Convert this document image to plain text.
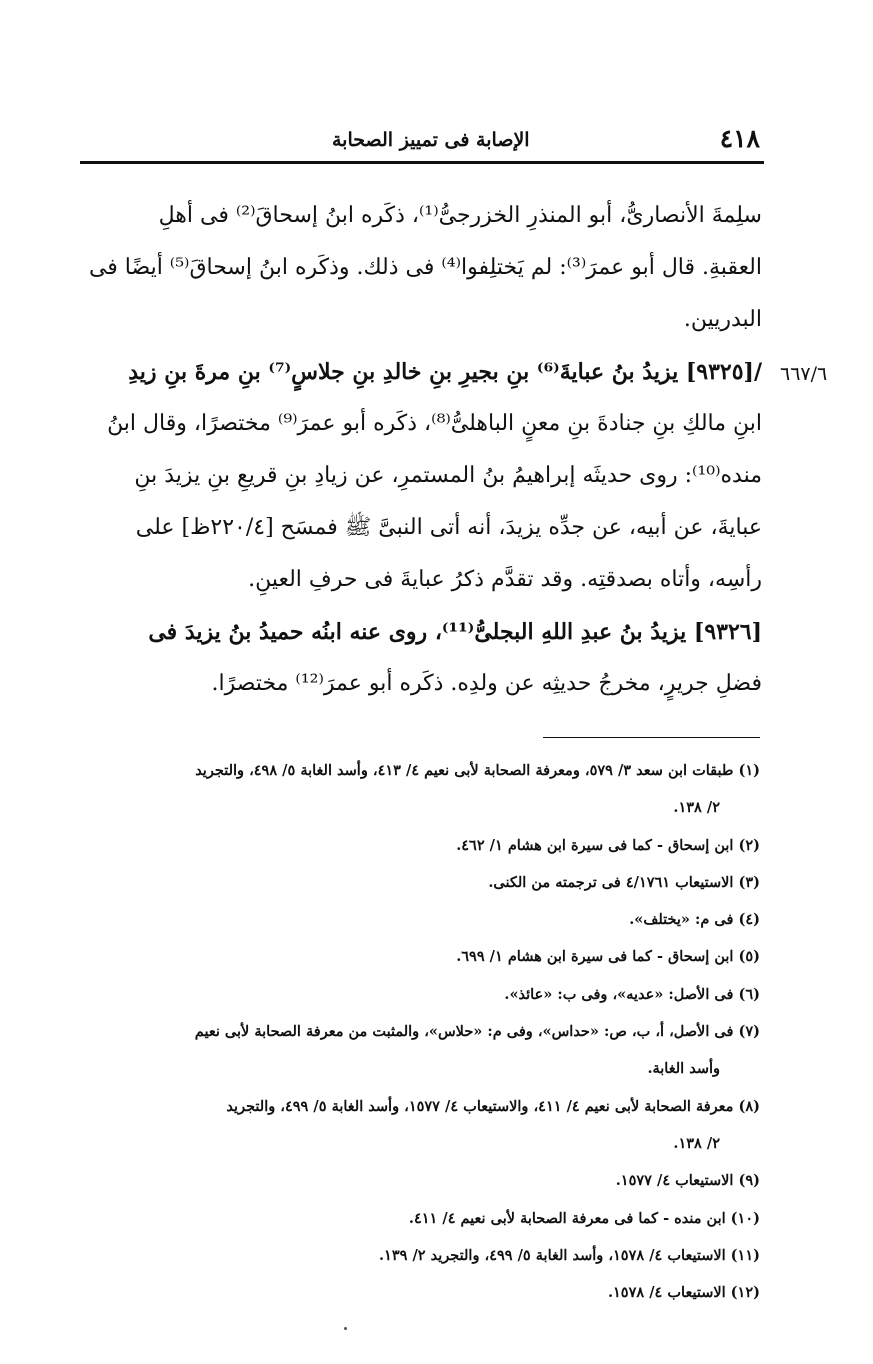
٤١٨
الإصابة فى تمييز الصحابة
٦٦٧/٦
سلِمةَ الأنصارىُّ، أبو المنذرِ الخزرجىُّ⁽¹⁾، ذكَره ابنُ إسحاقَ⁽²⁾ فى أهلِ
العقبةِ. قال أبو عمرَ⁽³⁾: لم يَختلِفوا⁽⁴⁾ فى ذلك. وذكَره ابنُ إسحاقَ⁽⁵⁾ أيضًا فى
البدريين.
/[٩٣٢٥] يزيدُ بنُ عبايةَ⁽⁶⁾ بنِ بجيرِ بنِ خالدِ بنِ جلاسٍ⁽⁷⁾ بنِ مرةَ بنِ زيدِ
ابنِ مالكِ بنِ جنادةَ بنِ معنٍ الباهلىُّ⁽⁸⁾، ذكَره أبو عمرَ⁽⁹⁾ مختصرًا، وقال ابنُ
منده⁽¹⁰⁾: روى حديثَه إبراهيمُ بنُ المستمرِ، عن زيادِ بنِ قريعِ بنِ يزيدَ بنِ
عبايةَ، عن أبيه، عن جدِّه يزيدَ، أنه أتى النبىَّ ﷺ فمسَح [٢٢٠/٤ظ] على
رأسِه، وأتاه بصدقتِه. وقد تقدَّم ذكرُ عبايةَ فى حرفِ العينِ.
[٩٣٢٦] يزيدُ بنُ عبدِ اللهِ البجلىُّ⁽¹¹⁾، روى عنه ابنُه حميدُ بنُ يزيدَ فى
فضلِ جريرٍ، مخرجُ حديثِه عن ولدِه. ذكَره أبو عمرَ⁽¹²⁾ مختصرًا.
(١) طبقات ابن سعد ٣/ ٥٧٩، ومعرفة الصحابة لأبى نعيم ٤/ ٤١٣، وأسد الغابة ٥/ ٤٩٨، والتجريد
٢/ ١٣٨.
(٢) ابن إسحاق - كما فى سيرة ابن هشام ١/ ٤٦٢.
(٣) الاستيعاب ٤/١٧٦١ فى ترجمته من الكنى.
(٤) فى م: «يختلف».
(٥) ابن إسحاق - كما فى سيرة ابن هشام ١/ ٦٩٩.
(٦) فى الأصل: «عديه»، وفى ب: «عائذ».
(٧) فى الأصل، أ، ب، ص: «حداس»، وفى م: «حلاس»، والمثبت من معرفة الصحابة لأبى نعيم
وأسد الغابة.
(٨) معرفة الصحابة لأبى نعيم ٤/ ٤١١، والاستيعاب ٤/ ١٥٧٧، وأسد الغابة ٥/ ٤٩٩، والتجريد
٢/ ١٣٨.
(٩) الاستيعاب ٤/ ١٥٧٧.
(١٠) ابن منده - كما فى معرفة الصحابة لأبى نعيم ٤/ ٤١١.
(١١) الاستيعاب ٤/ ١٥٧٨، وأسد الغابة ٥/ ٤٩٩، والتجريد ٢/ ١٣٩.
(١٢) الاستيعاب ٤/ ١٥٧٨.
